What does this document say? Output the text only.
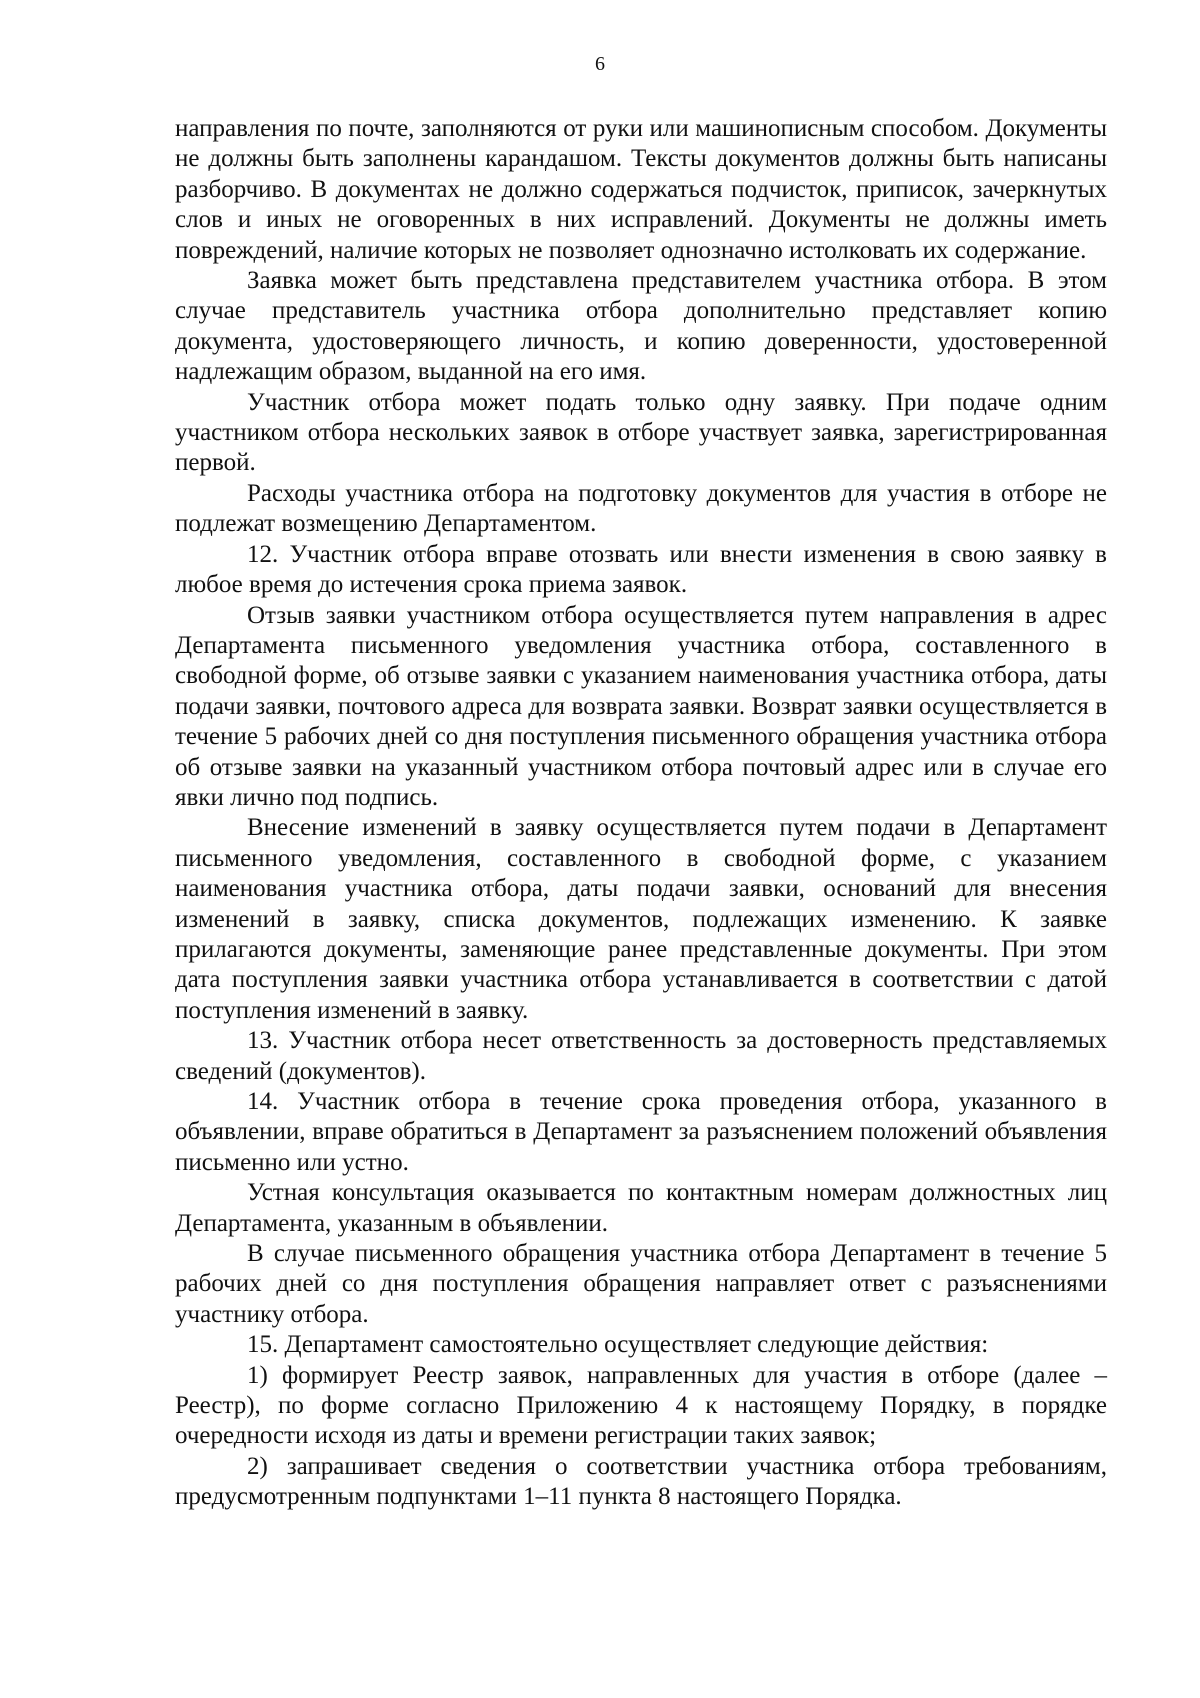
6

направления по почте, заполняются от руки или машинописным способом. Документы не должны быть заполнены карандашом. Тексты документов должны быть написаны разборчиво. В документах не должно содержаться подчисток, приписок, зачеркнутых слов и иных не оговоренных в них исправлений. Документы не должны иметь повреждений, наличие которых не позволяет однозначно истолковать их содержание.

Заявка может быть представлена представителем участника отбора. В этом случае представитель участника отбора дополнительно представляет копию документа, удостоверяющего личность, и копию доверенности, удостоверенной надлежащим образом, выданной на его имя.

Участник отбора может подать только одну заявку. При подаче одним участником отбора нескольких заявок в отборе участвует заявка, зарегистрированная первой.

Расходы участника отбора на подготовку документов для участия в отборе не подлежат возмещению Департаментом.

12. Участник отбора вправе отозвать или внести изменения в свою заявку в любое время до истечения срока приема заявок.

Отзыв заявки участником отбора осуществляется путем направления в адрес Департамента письменного уведомления участника отбора, составленного в свободной форме, об отзыве заявки с указанием наименования участника отбора, даты подачи заявки, почтового адреса для возврата заявки. Возврат заявки осуществляется в течение 5 рабочих дней со дня поступления письменного обращения участника отбора об отзыве заявки на указанный участником отбора почтовый адрес или в случае его явки лично под подпись.

Внесение изменений в заявку осуществляется путем подачи в Департамент письменного уведомления, составленного в свободной форме, с указанием наименования участника отбора, даты подачи заявки, оснований для внесения изменений в заявку, списка документов, подлежащих изменению. К заявке прилагаются документы, заменяющие ранее представленные документы. При этом дата поступления заявки участника отбора устанавливается в соответствии с датой поступления изменений в заявку.

13. Участник отбора несет ответственность за достоверность представляемых сведений (документов).

14. Участник отбора в течение срока проведения отбора, указанного в объявлении, вправе обратиться в Департамент за разъяснением положений объявления письменно или устно.

Устная консультация оказывается по контактным номерам должностных лиц Департамента, указанным в объявлении.

В случае письменного обращения участника отбора Департамент в течение 5 рабочих дней со дня поступления обращения направляет ответ с разъяснениями участнику отбора.

15. Департамент самостоятельно осуществляет следующие действия:

1) формирует Реестр заявок, направленных для участия в отборе (далее – Реестр), по форме согласно Приложению 4 к настоящему Порядку, в порядке очередности исходя из даты и времени регистрации таких заявок;

2) запрашивает сведения о соответствии участника отбора требованиям, предусмотренным подпунктами 1–11 пункта 8 настоящего Порядка.
